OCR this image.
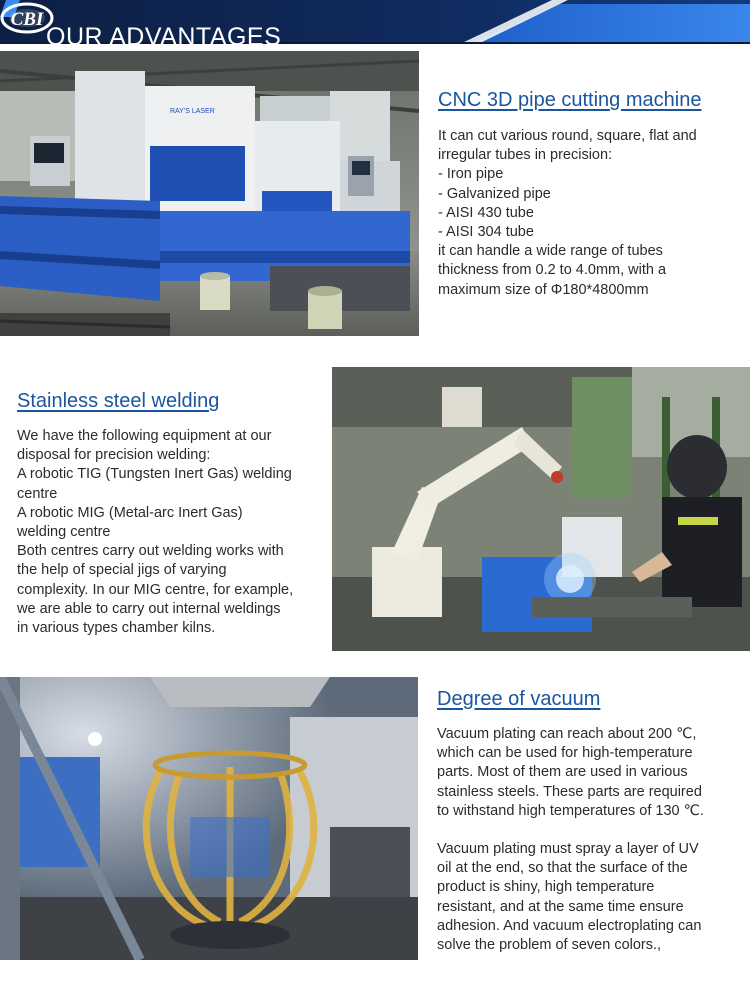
OUR ADVANTAGES
CBI
RAY'S LASER
CNC 3D pipe cutting machine

It can cut various round, square, flat and

irregular tubes in precision:

- Iron pipe

- Galvanized pipe

- AISI 430 tube

- AISI 304 tube

it can handle a wide range of tubes

thickness from 0.2 to 4.0mm, with a

maximum size of Φ180*4800mm

Stainless steel welding

We have the following equipment at our

disposal for precision welding:

A robotic TIG (Tungsten Inert Gas) welding

centre

A robotic MIG (Metal-arc Inert Gas)

welding centre

Both centres carry out welding works with

the help of special jigs of varying

complexity. In our MIG centre, for example,

we are able to carry out internal weldings

in various types chamber kilns.

Degree of vacuum

Vacuum plating can reach about 200 ℃,

which can be used for high-temperature

parts. Most of them are used in various

stainless steels. These parts are required

to withstand high temperatures of 130 ℃.

Vacuum plating must spray a layer of UV

oil at the end, so that the surface of the

product is shiny, high temperature

resistant, and at the same time ensure

adhesion. And vacuum electroplating can

solve the problem of seven colors.,
